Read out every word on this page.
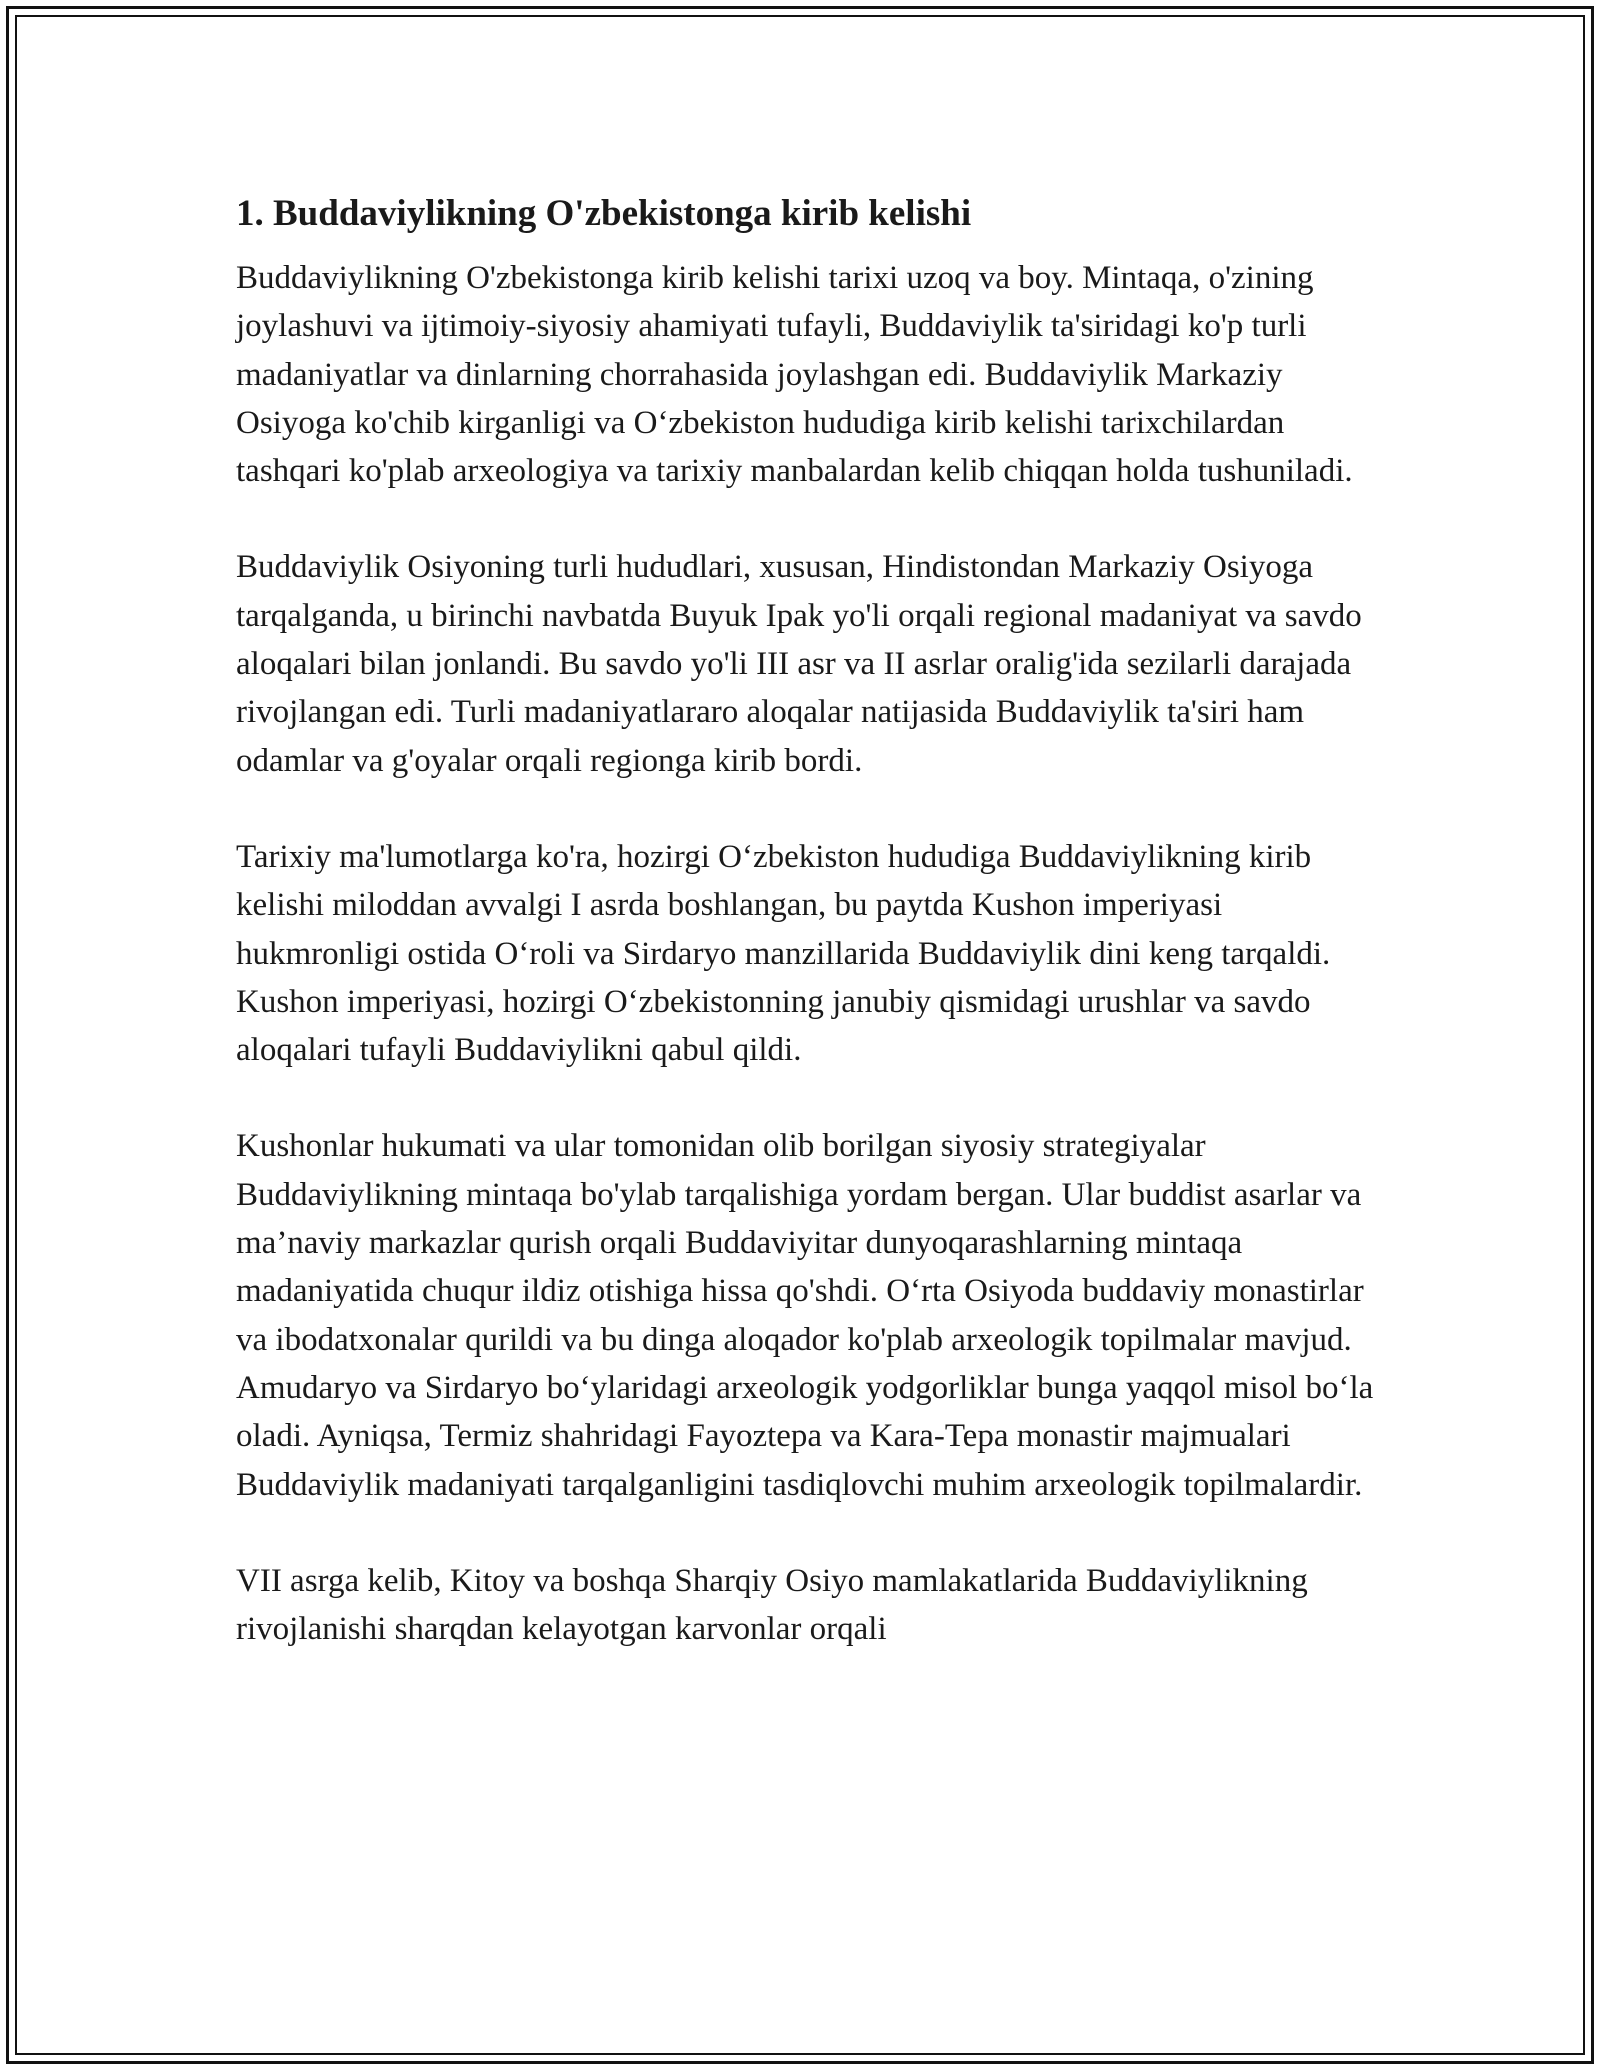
1. Buddaviylikning O'zbekistonga kirib kelishi

Buddaviylikning O'zbekistonga kirib kelishi tarixi uzoq va boy. Mintaqa, o'zining joylashuvi va ijtimoiy-siyosiy ahamiyati tufayli, Buddaviylik ta'siridagi ko'p turli madaniyatlar va dinlarning chorrahasida joylashgan edi. Buddaviylik Markaziy Osiyoga ko'chib kirganligi va O‘zbekiston hududiga kirib kelishi tarixchilardan tashqari ko'plab arxeologiya va tarixiy manbalardan kelib chiqqan holda tushuniladi.

Buddaviylik Osiyoning turli hududlari, xususan, Hindistondan Markaziy Osiyoga tarqalganda, u birinchi navbatda Buyuk Ipak yo'li orqali regional madaniyat va savdo aloqalari bilan jonlandi. Bu savdo yo'li III asr va II asrlar oralig'ida sezilarli darajada rivojlangan edi. Turli madaniyatlararo aloqalar natijasida Buddaviylik ta'siri ham odamlar va g'oyalar orqali regionga kirib bordi.

Tarixiy ma'lumotlarga ko'ra, hozirgi O‘zbekiston hududiga Buddaviylikning kirib kelishi miloddan avvalgi I asrda boshlangan, bu paytda Kushon imperiyasi hukmronligi ostida O‘roli va Sirdaryo manzillarida Buddaviylik dini keng tarqaldi. Kushon imperiyasi, hozirgi O‘zbekistonning janubiy qismidagi urushlar va savdo aloqalari tufayli Buddaviylikni qabul qildi.

Kushonlar hukumati va ular tomonidan olib borilgan siyosiy strategiyalar Buddaviylikning mintaqa bo'ylab tarqalishiga yordam bergan. Ular buddist asarlar va ma’naviy markazlar qurish orqali Buddaviyitar dunyoqarashlarning mintaqa madaniyatida chuqur ildiz otishiga hissa qo'shdi. O‘rta Osiyoda buddaviy monastirlar va ibodatxonalar qurildi va bu dinga aloqador ko'plab arxeologik topilmalar mavjud. Amudaryo va Sirdaryo bo‘ylaridagi arxeologik yodgorliklar bunga yaqqol misol bo‘la oladi. Ayniqsa, Termiz shahridagi Fayoztepa va Kara-Tepa monastir majmualari Buddaviylik madaniyati tarqalganligini tasdiqlovchi muhim arxeologik topilmalardir.

VII asrga kelib, Kitoy va boshqa Sharqiy Osiyo mamlakatlarida Buddaviylikning rivojlanishi sharqdan kelayotgan karvonlar orqali
